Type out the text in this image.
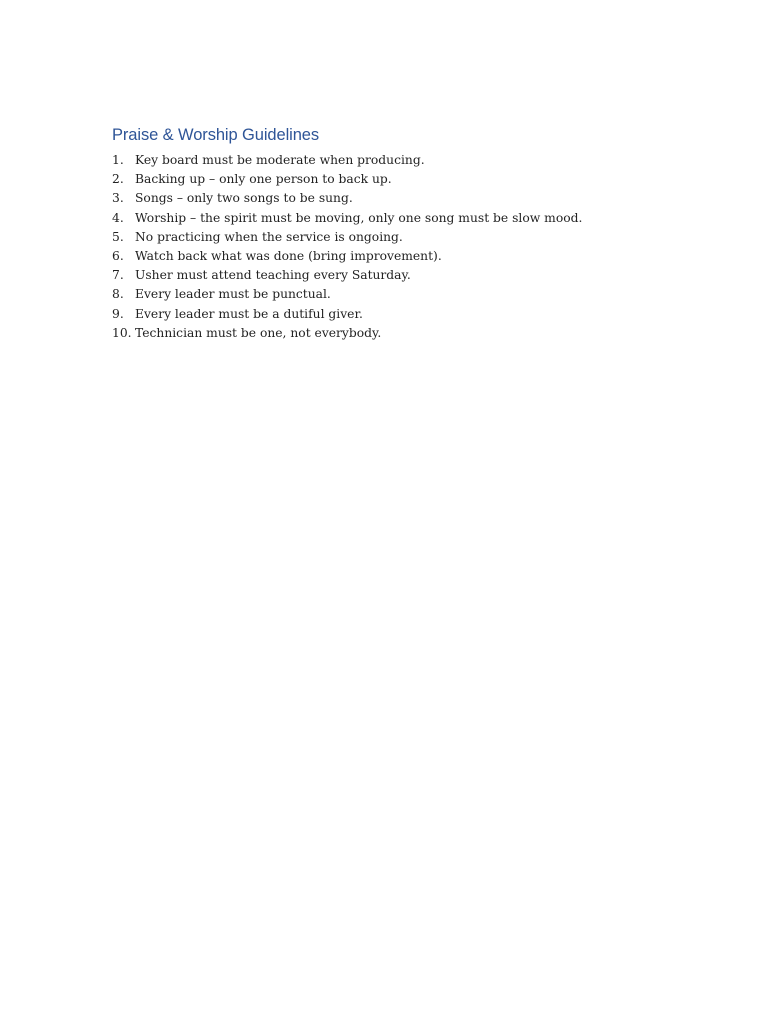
Praise & Worship Guidelines
1. Key board must be moderate when producing.
2. Backing up – only one person to back up.
3. Songs – only two songs to be sung.
4. Worship – the spirit must be moving, only one song must be slow mood.
5. No practicing when the service is ongoing.
6. Watch back what was done (bring improvement).
7. Usher must attend teaching every Saturday.
8. Every leader must be punctual.
9. Every leader must be a dutiful giver.
10. Technician must be one, not everybody.
